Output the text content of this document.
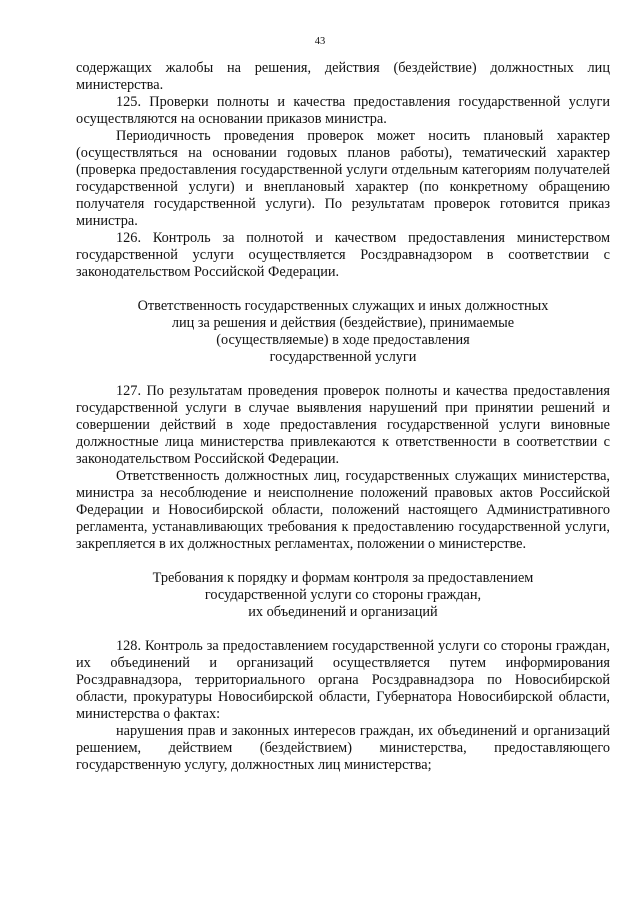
43

содержащих жалобы на решения, действия (бездействие) должностных лиц министерства.

125. Проверки полноты и качества предоставления государственной услуги осуществляются на основании приказов министра.

Периодичность проведения проверок может носить плановый характер (осуществляться на основании годовых планов работы), тематический характер (проверка предоставления государственной услуги отдельным категориям получателей государственной услуги) и внеплановый характер (по конкретному обращению получателя государственной услуги). По результатам проверок готовится приказ министра.

126. Контроль за полнотой и качеством предоставления министерством государственной услуги осуществляется Росздравнадзором в соответствии с законодательством Российской Федерации.

Ответственность государственных служащих и иных должностных
лиц за решения и действия (бездействие), принимаемые
(осуществляемые) в ходе предоставления
государственной услуги

127. По результатам проведения проверок полноты и качества предоставления государственной услуги в случае выявления нарушений при принятии решений и совершении действий в ходе предоставления государственной услуги виновные должностные лица министерства привлекаются к ответственности в соответствии с законодательством Российской Федерации.

Ответственность должностных лиц, государственных служащих министерства, министра за несоблюдение и неисполнение положений правовых актов Российской Федерации и Новосибирской области, положений настоящего Административного регламента, устанавливающих требования к предоставлению государственной услуги, закрепляется в их должностных регламентах, положении о министерстве.

Требования к порядку и формам контроля за предоставлением
государственной услуги со стороны граждан,
их объединений и организаций

128. Контроль за предоставлением государственной услуги со стороны граждан, их объединений и организаций осуществляется путем информирования Росздравнадзора, территориального органа Росздравнадзора по Новосибирской области, прокуратуры Новосибирской области, Губернатора Новосибирской области, министерства о фактах:

нарушения прав и законных интересов граждан, их объединений и организаций решением, действием (бездействием) министерства, предоставляющего государственную услугу, должностных лиц министерства;
